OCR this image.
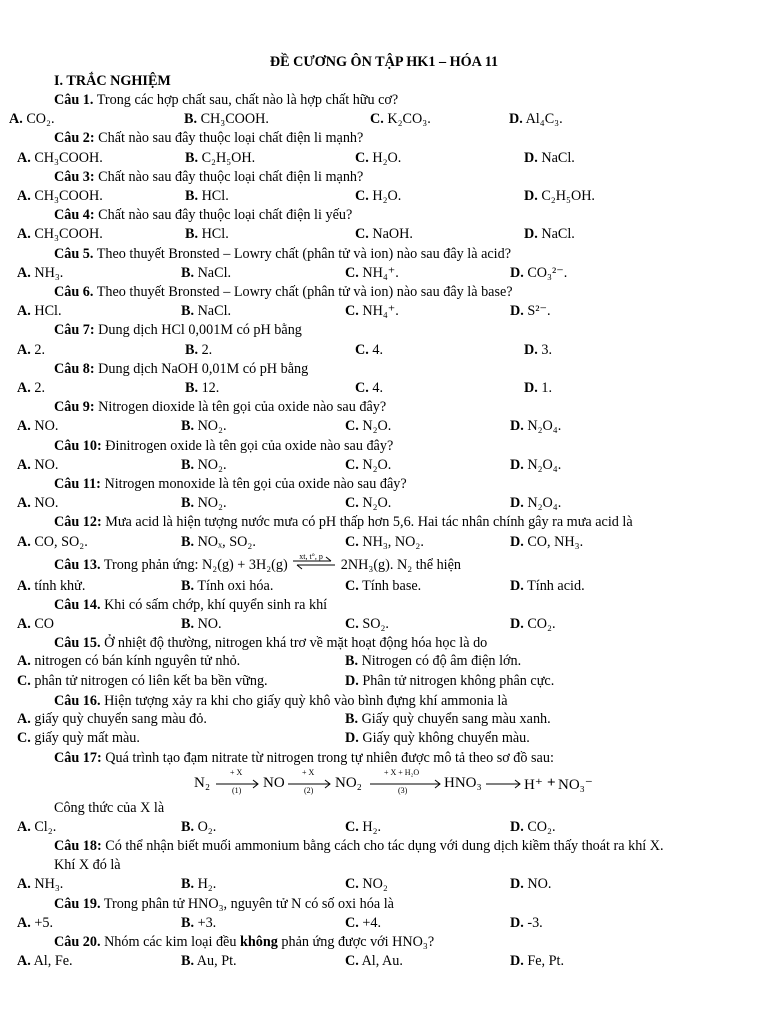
ĐỀ CƯƠNG ÔN TẬP HK1 – HÓA 11
I. TRẮC NGHIỆM
Câu 1. Trong các hợp chất sau, chất nào là hợp chất hữu cơ?
A. CO₂.	B. CH₃COOH.	C. K₂CO₃.	D. Al₄C₃.
Câu 2: Chất nào sau đây thuộc loại chất điện li mạnh?
A. CH₃COOH.	B. C₂H₅OH.	C. H₂O.	D. NaCl.
Câu 3: Chất nào sau đây thuộc loại chất điện li mạnh?
A. CH₃COOH.	B. HCl.	C. H₂O.	D. C₂H₅OH.
Câu 4: Chất nào sau đây thuộc loại chất điện li yếu?
A. CH₃COOH.	B. HCl.	C. NaOH.	D. NaCl.
Câu 5. Theo thuyết Bronsted – Lowry chất (phân tử và ion) nào sau đây là acid?
A. NH₃.	B. NaCl.	C. NH₄⁺.	D. CO₃²⁻.
Câu 6. Theo thuyết Bronsted – Lowry chất (phân tử và ion) nào sau đây là base?
A. HCl.	B. NaCl.	C. NH₄⁺.	D. S²⁻.
Câu 7: Dung dịch HCl 0,001M có pH bằng
A. 2.	B. 2.	C. 4.	D. 3.
Câu 8: Dung dịch NaOH 0,01M có pH bằng
A. 2.	B. 12.	C. 4.	D. 1.
Câu 9: Nitrogen dioxide là tên gọi của oxide nào sau đây?
A. NO.	B. NO₂.	C. N₂O.	D. N₂O₄.
Câu 10: Đinitrogen oxide là tên gọi của oxide nào sau đây?
A. NO.	B. NO₂.	C. N₂O.	D. N₂O₄.
Câu 11: Nitrogen monoxide là tên gọi của oxide nào sau đây?
A. NO.	B. NO₂.	C. N₂O.	D. N₂O₄.
Câu 12: Mưa acid là hiện tượng nước mưa có pH thấp hơn 5,6. Hai tác nhân chính gây ra mưa acid là
A. CO, SO₂.	B. NOₓ, SO₂.	C. NH₃, NO₂.	D. CO, NH₃.
Câu 13. Trong phản ứng: N₂(g) + 3H₂(g)
xt, t°, p
2NH₃(g). N₂ thể hiện
A. tính khử.	B. Tính oxi hóa.	C. Tính base.	D. Tính acid.
Câu 14. Khi có sấm chớp, khí quyển sinh ra khí
A. CO	B. NO.	C. SO₂.	D. CO₂.
Câu 15. Ở nhiệt độ thường, nitrogen khá trơ về mặt hoạt động hóa học là do
A. nitrogen có bán kính nguyên tử nhỏ.	B. Nitrogen có độ âm điện lớn.
C. phân tử nitrogen có liên kết ba bền vững.	D. Phân tử nitrogen không phân cực.
Câu 16. Hiện tượng xảy ra khi cho giấy quỳ khô vào bình đựng khí ammonia là
A. giấy quỳ chuyển sang màu đỏ.	B. Giấy quỳ chuyển sang màu xanh.
C. giấy quỳ mất màu.	D. Giấy quỳ không chuyển màu.
Câu 17: Quá trình tạo đạm nitrate từ nitrogen trong tự nhiên được mô tả theo sơ đồ sau:
N₂
+ X
(1) NO
+ X
(2) NO₂
+ X + H₂O
(3) HNO₃	H⁺ + NO₃⁻
Công thức của X là
A. Cl₂.	B. O₂.	C. H₂.	D. CO₂.
Câu 18: Có thể nhận biết muối ammonium bằng cách cho tác dụng với dung dịch kiềm thấy thoát ra khí X.
Khí X đó là
A. NH₃.	B. H₂.	C. NO₂	D. NO.
Câu 19. Trong phân tử HNO₃, nguyên tử N có số oxi hóa là
A. +5.	B. +3.	C. +4.	D. -3.
Câu 20. Nhóm các kim loại đều không phản ứng được với HNO₃?
A. Al, Fe.	B. Au, Pt.	C. Al, Au.	D. Fe, Pt.
